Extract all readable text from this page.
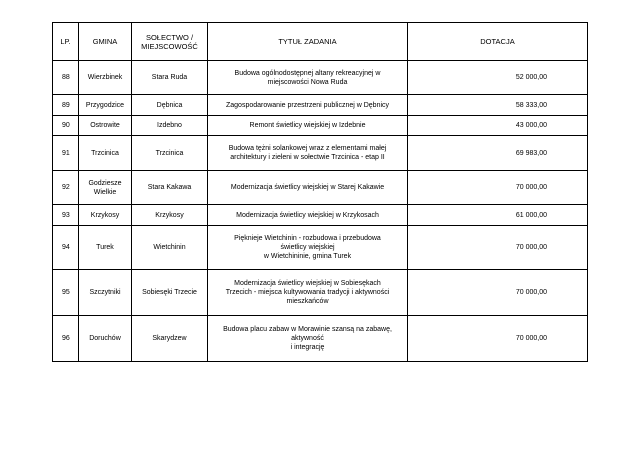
LP.	GMINA	SOŁECTWO /
MIEJSCOWOŚĆ	TYTUŁ ZADANIA	DOTACJA
88	Wierzbinek	Stara Ruda	Budowa ogólnodostępnej altany rekreacyjnej w
miejscowości Nowa Ruda	52 000,00
89	Przygodzice	Dębnica	Zagospodarowanie przestrzeni publicznej w Dębnicy	58 333,00
90	Ostrowite	Izdebno	Remont świetlicy wiejskiej w Izdebnie	43 000,00
91	Trzcinica	Trzcinica	Budowa tężni solankowej wraz z elementami małej
architektury i zieleni w sołectwie Trzcinica - etap II	69 983,00
92	Godziesze
Wielkie	Stara Kakawa	Modernizacja świetlicy wiejskiej w Starej Kakawie	70 000,00
93	Krzykosy	Krzykosy	Modernizacja świetlicy wiejskiej w Krzykosach	61 000,00
94	Turek	Wietchinin	Pięknieje Wietchinin - rozbudowa i przebudowa
świetlicy wiejskiej
w Wietchininie, gmina Turek	70 000,00
95	Szczytniki	Sobiesęki Trzecie	Modernizacja świetlicy wiejskiej w Sobiesękach
Trzecich - miejsca kultywowania tradycji i aktywności
mieszkańców	70 000,00
96	Doruchów	Skarydzew	Budowa placu zabaw w Morawinie szansą na zabawę,
aktywność
i integrację	70 000,00
